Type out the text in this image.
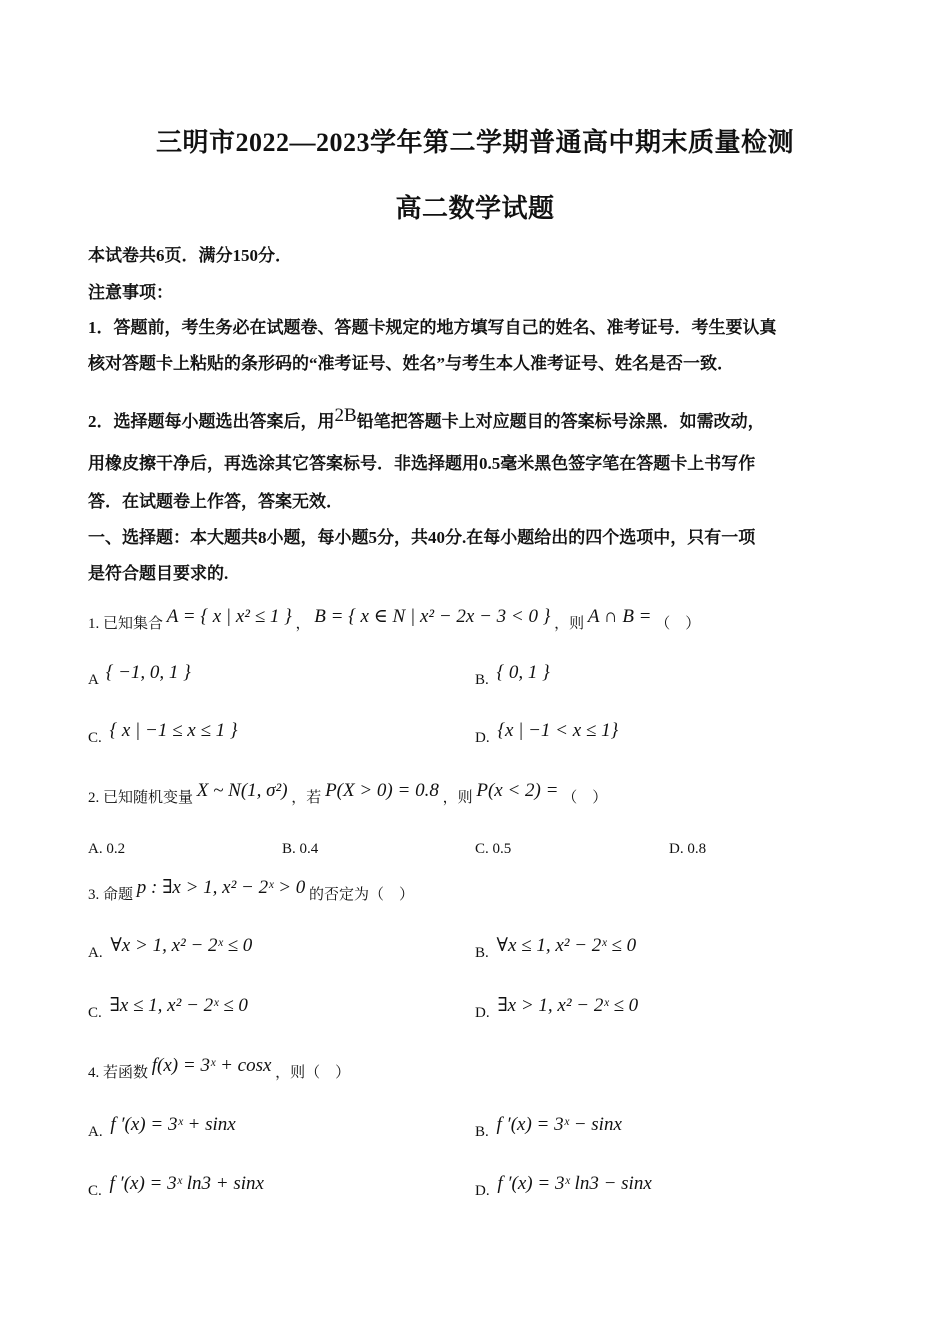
三明市2022—2023学年第二学期普通高中期末质量检测
高二数学试题
本试卷共6页．满分150分．
注意事项：
1．答题前，考生务必在试题卷、答题卡规定的地方填写自己的姓名、准考证号．考生要认真
核对答题卡上粘贴的条形码的“准考证号、姓名”与考生本人准考证号、姓名是否一致．
2．选择题每小题选出答案后，用2B铅笔把答题卡上对应题目的答案标号涂黑．如需改动，
用橡皮擦干净后，再选涂其它答案标号．非选择题用0.5毫米黑色签字笔在答题卡上书写作
答．在试题卷上作答，答案无效．
一、选择题：本大题共8小题，每小题5分，共40分.在每小题给出的四个选项中，只有一项
是符合题目要求的.
1. 已知集合 A = { x | x² ≤ 1 } ， B = { x ∈ N | x² − 2x − 3 < 0 } ，则 A ∩ B = （　）
A { −1, 0, 1 }	B. { 0, 1 }
C. { x | −1 ≤ x ≤ 1 }	D. {x | −1 < x ≤ 1}
2. 已知随机变量 X ~ N(1, σ²) ，若 P(X > 0) = 0.8 ，则 P(x < 2) = （　）
A. 0.2	B. 0.4	C. 0.5	D. 0.8
3. 命题 p : ∃x > 1, x² − 2ˣ > 0 的否定为（　）
A. ∀x > 1, x² − 2ˣ ≤ 0	B. ∀x ≤ 1, x² − 2ˣ ≤ 0
C. ∃x ≤ 1, x² − 2ˣ ≤ 0	D. ∃x > 1, x² − 2ˣ ≤ 0
4. 若函数 f(x) = 3ˣ + cosx ，则（　）
A. f ′(x) = 3ˣ + sinx	B. f ′(x) = 3ˣ − sinx
C. f ′(x) = 3ˣ ln3 + sinx	D. f ′(x) = 3ˣ ln3 − sinx
